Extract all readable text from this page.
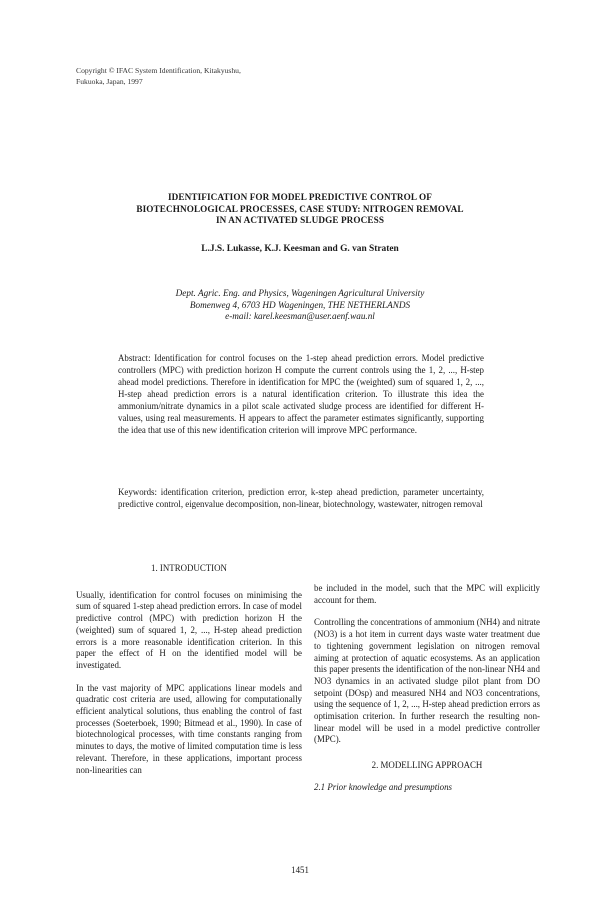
Copyright © IFAC System Identification, Kitakyushu,
Fukuoka, Japan, 1997
IDENTIFICATION FOR MODEL PREDICTIVE CONTROL OF
BIOTECHNOLOGICAL PROCESSES, CASE STUDY: NITROGEN REMOVAL
IN AN ACTIVATED SLUDGE PROCESS
L.J.S. Lukasse, K.J. Keesman and G. van Straten
Dept. Agric. Eng. and Physics, Wageningen Agricultural University
Bomenweg 4, 6703 HD Wageningen, THE NETHERLANDS
e-mail: karel.keesman@user.aenf.wau.nl
Abstract: Identification for control focuses on the 1-step ahead prediction errors. Model predictive controllers (MPC) with prediction horizon H compute the current controls using the 1, 2, ..., H-step ahead model predictions. Therefore in identification for MPC the (weighted) sum of squared 1, 2, ..., H-step ahead prediction errors is a natural identification criterion. To illustrate this idea the ammonium/nitrate dynamics in a pilot scale activated sludge process are identified for different H-values, using real measurements. H appears to affect the parameter estimates significantly, supporting the idea that use of this new identification criterion will improve MPC performance.
Keywords: identification criterion, prediction error, k-step ahead prediction, parameter uncertainty, predictive control, eigenvalue decomposition, non-linear, biotechnology, wastewater, nitrogen removal
1. INTRODUCTION
Usually, identification for control focuses on minimising the sum of squared 1-step ahead prediction errors. In case of model predictive control (MPC) with prediction horizon H the (weighted) sum of squared 1, 2, ..., H-step ahead prediction errors is a more reasonable identification criterion. In this paper the effect of H on the identified model will be investigated.
In the vast majority of MPC applications linear models and quadratic cost criteria are used, allowing for computationally efficient analytical solutions, thus enabling the control of fast processes (Soeterboek, 1990; Bitmead et al., 1990). In case of biotechnological processes, with time constants ranging from minutes to days, the motive of limited computation time is less relevant. Therefore, in these applications, important process non-linearities can
be included in the model, such that the MPC will explicitly account for them.
Controlling the concentrations of ammonium (NH4) and nitrate (NO3) is a hot item in current days waste water treatment due to tightening government legislation on nitrogen removal aiming at protection of aquatic ecosystems. As an application this paper presents the identification of the non-linear NH4 and NO3 dynamics in an activated sludge pilot plant from DO setpoint (DOsp) and measured NH4 and NO3 concentrations, using the sequence of 1, 2, ..., H-step ahead prediction errors as optimisation criterion. In further research the resulting non-linear model will be used in a model predictive controller (MPC).
2. MODELLING APPROACH
2.1 Prior knowledge and presumptions
1451
